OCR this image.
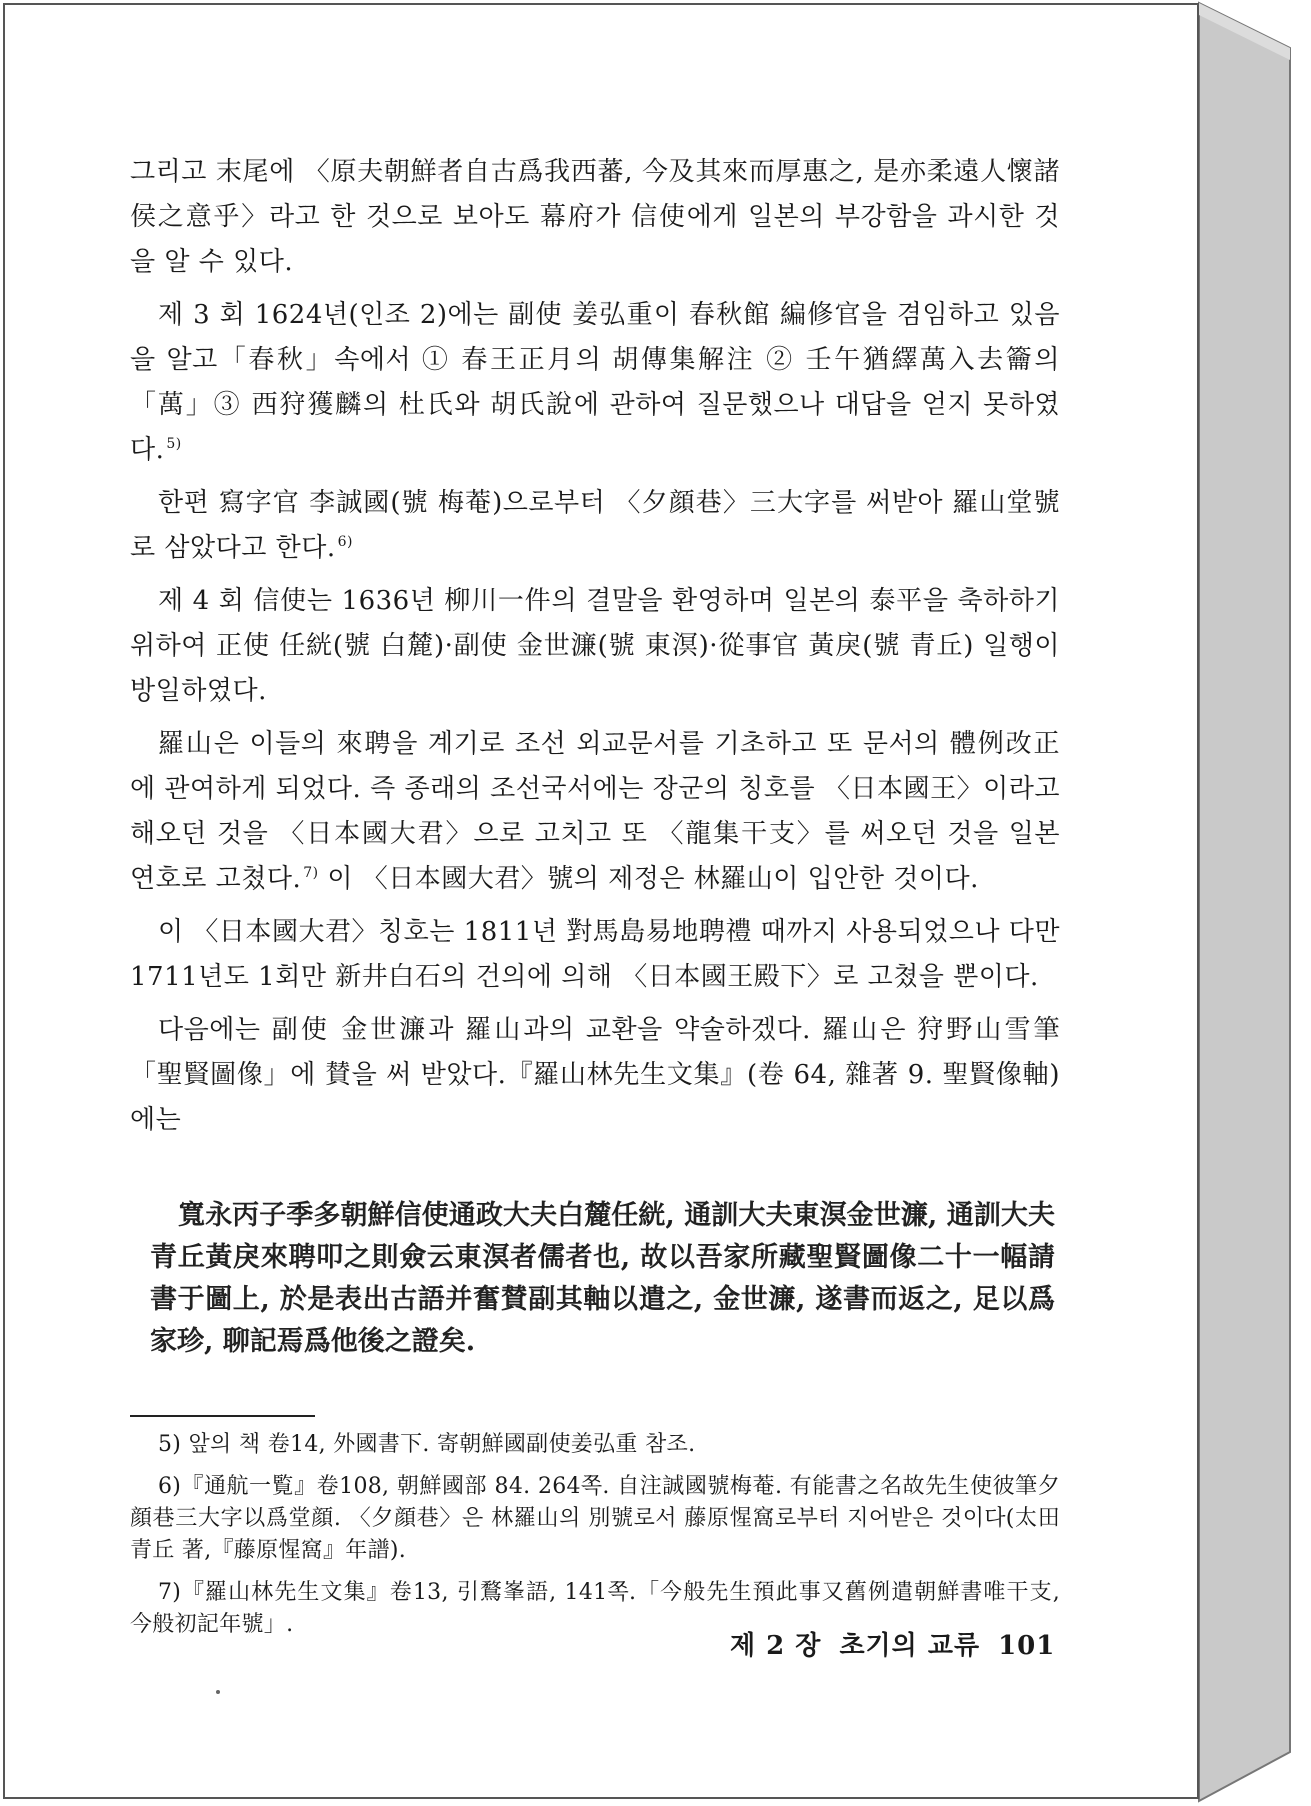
그리고 末尾에 〈原夫朝鮮者自古爲我西蕃, 今及其來而厚惠之, 是亦柔遠人懷諸侯之意乎〉라고 한 것으로 보아도 幕府가 信使에게 일본의 부강함을 과시한 것을 알 수 있다.

제 3 회 1624년(인조 2)에는 副使 姜弘重이 春秋館 編修官을 겸임하고 있음을 알고「春秋」속에서 ① 春王正月의 胡傳集解注 ② 壬午猶繹萬入去籥의「萬」③ 西狩獲麟의 杜氏와 胡氏說에 관하여 질문했으나 대답을 얻지 못하였다. $^{5)}$

한편 寫字官 李誠國(號 梅菴)으로부터 〈夕顔巷〉三大字를 써받아 羅山堂號로 삼았다고 한다. $^{6)}$

제 4 회 信使는 1636년 柳川一件의 결말을 환영하며 일본의 泰平을 축하하기 위하여 正使 任絖(號 白麓)·副使 金世濂(號 東溟)·從事官 黃戾(號 青丘) 일행이 방일하였다.

羅山은 이들의 來聘을 계기로 조선 외교문서를 기초하고 또 문서의 體例改正에 관여하게 되었다. 즉 종래의 조선국서에는 장군의 칭호를 〈日本國王〉이라고 해오던 것을 〈日本國大君〉으로 고치고 또 〈龍集干支〉를 써오던 것을 일본 연호로 고쳤다. $^{7)}$ 이 〈日本國大君〉號의 제정은 林羅山이 입안한 것이다.

이 〈日本國大君〉칭호는 1811년 對馬島易地聘禮 때까지 사용되었으나 다만 1711년도 1회만 新井白石의 건의에 의해 〈日本國王殿下〉로 고쳤을 뿐이다.

다음에는 副使 金世濂과 羅山과의 교환을 약술하겠다. 羅山은 狩野山雪筆「聖賢圖像」에 賛을 써 받았다.『羅山林先生文集』(卷 64, 雜著 9. 聖賢像軸)에는

寬永丙子季多朝鮮信使通政大夫白麓任絖, 通訓大夫東溟金世濂, 通訓大夫青丘黃戾來聘叩之則僉云東溟者儒者也, 故以吾家所藏聖賢圖像二十一幅請書于圖上, 於是表出古語并奮賛副其軸以遣之, 金世濂, 遂書而返之, 足以爲家珍, 聊記焉爲他後之證矣.

5) 앞의 책 卷14, 外國書下. 寄朝鮮國副使姜弘重 참조.

6)『通航一覧』卷108, 朝鮮國部 84. 264쪽. 自注誠國號梅菴. 有能書之名故先生使彼筆夕顔巷三大字以爲堂顔. 〈夕顔巷〉은 林羅山의 別號로서 藤原惺窩로부터 지어받은 것이다(太田青丘 著,『藤原惺窩』年譜).

7)『羅山林先生文集』卷13, 引鶩峯語, 141쪽.「今般先生預此事又舊例遣朝鮮書唯干支, 今般初記年號」.

제 2 장 초기의 교류 101
